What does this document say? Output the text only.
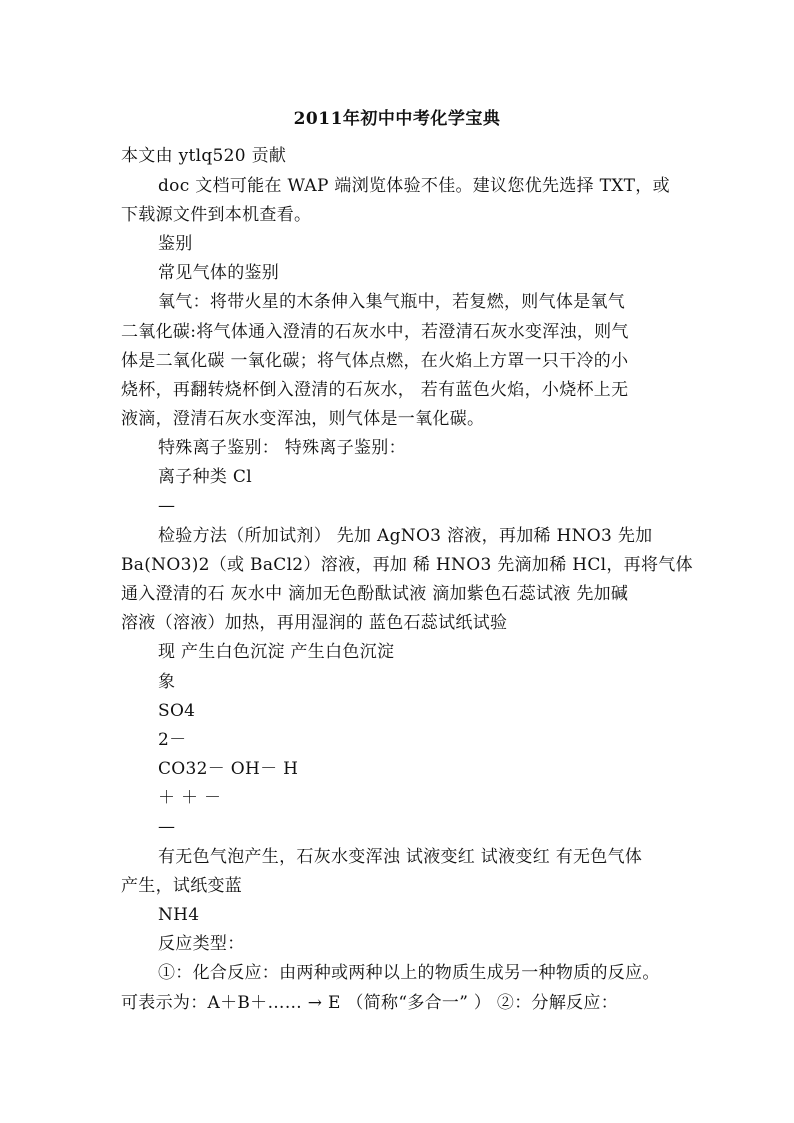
2011年初中中考化学宝典
本文由 ytlq520 贡献
doc 文档可能在 WAP 端浏览体验不佳。建议您优先选择 TXT，或
下载源文件到本机查看。
鉴别
常见气体的鉴别
氧气：将带火星的木条伸入集气瓶中，若复燃，则气体是氧气
二氧化碳:将气体通入澄清的石灰水中，若澄清石灰水变浑浊，则气
体是二氧化碳 一氧化碳；将气体点燃，在火焰上方罩一只干冷的小
烧杯，再翻转烧杯倒入澄清的石灰水， 若有蓝色火焰，小烧杯上无
液滴，澄清石灰水变浑浊，则气体是一氧化碳。
特殊离子鉴别： 特殊离子鉴别：
离子种类 Cl
—
检验方法（所加试剂） 先加 AgNO3 溶液，再加稀 HNO3 先加
Ba(NO3)2（或 BaCl2）溶液，再加 稀 HNO3 先滴加稀 HCl，再将气体
通入澄清的石 灰水中 滴加无色酚酞试液 滴加紫色石蕊试液 先加碱
溶液（溶液）加热，再用湿润的 蓝色石蕊试纸试验
现 产生白色沉淀 产生白色沉淀
象
SO4
2－
CO32－ OH－ H
＋ ＋ －
—
有无色气泡产生，石灰水变浑浊 试液变红 试液变红 有无色气体
产生，试纸变蓝
NH4
反应类型：
①：化合反应：由两种或两种以上的物质生成另一种物质的反应。
可表示为：A＋B＋…… → E （简称“多合一” ） ②：分解反应：
